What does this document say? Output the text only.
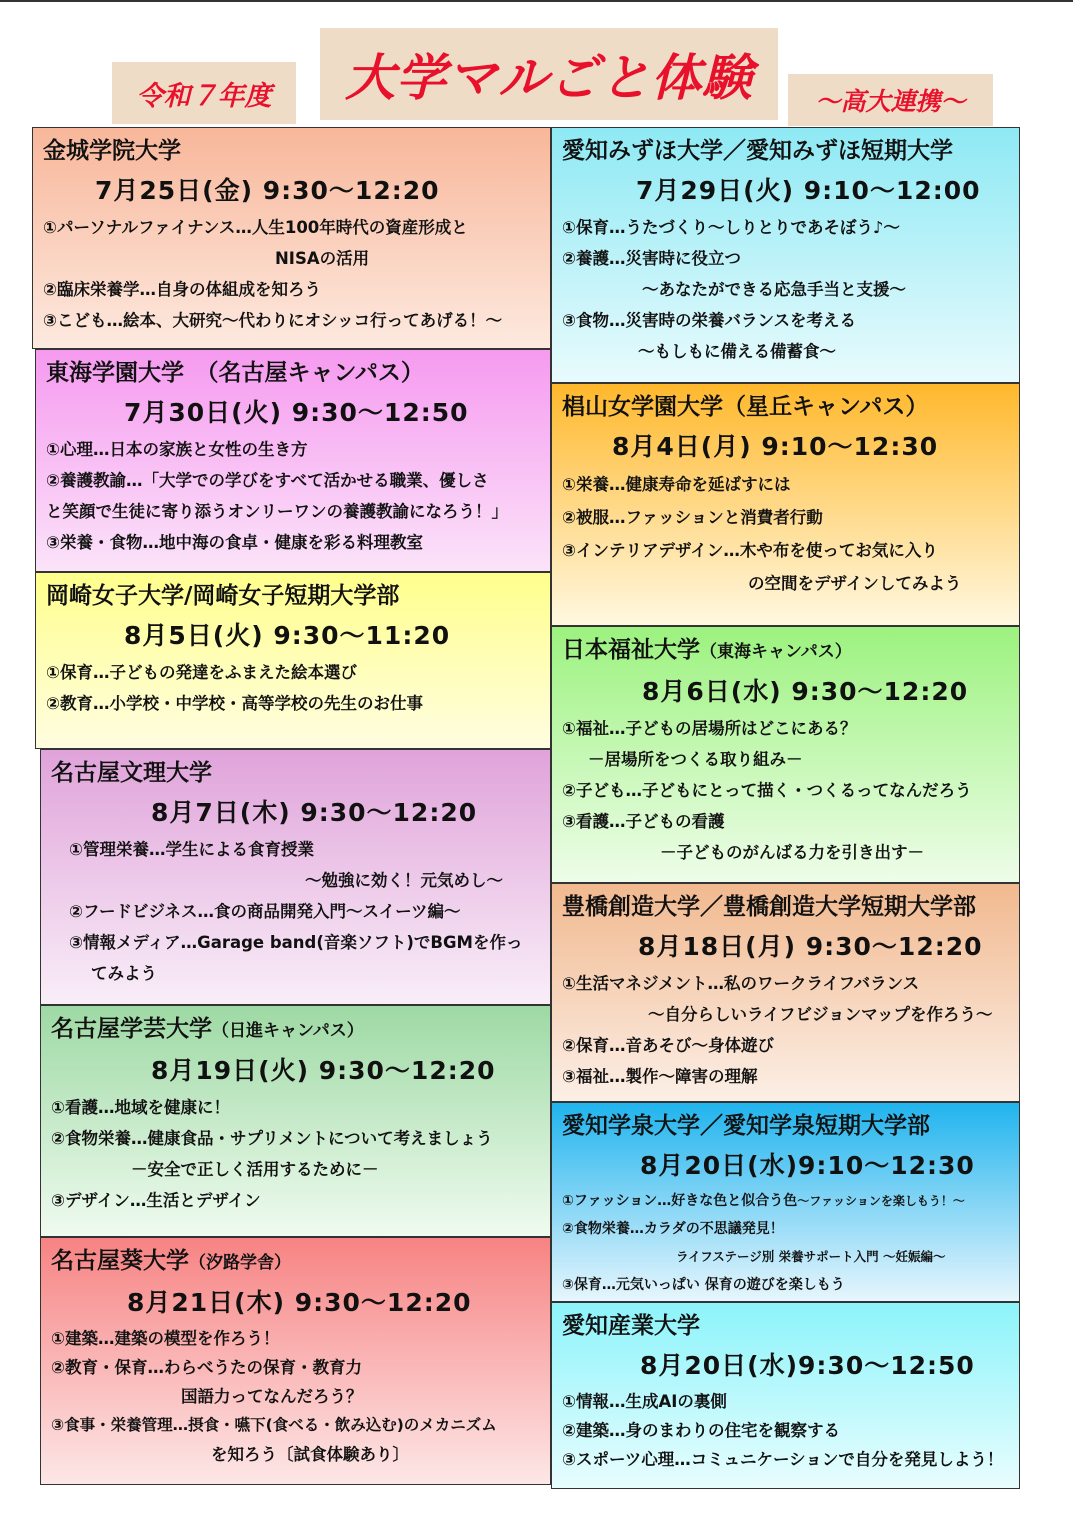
令和７年度	大学マルごと体験	～高大連携～
金城学院大学
7月25日(金) 9:30～12:20
①パーソナルファイナンス…人生100年時代の資産形成と
NISAの活用
②臨床栄養学…自身の体組成を知ろう
③こども…絵本、大研究～代わりにオシッコ行ってあげる！～
東海学園大学　（名古屋キャンパス）
7月30日(火) 9:30～12:50
①心理…日本の家族と女性の生き方
②養護教諭…「大学での学びをすべて活かせる職業、優しさ
と笑顔で生徒に寄り添うオンリーワンの養護教諭になろう！」
③栄養・食物…地中海の食卓・健康を彩る料理教室
岡崎女子大学/岡崎女子短期大学部
8月5日(火) 9:30～11:20
①保育…子どもの発達をふまえた絵本選び
②教育…小学校・中学校・高等学校の先生のお仕事
名古屋文理大学
8月7日(木) 9:30～12:20
①管理栄養…学生による食育授業
～勉強に効く！元気めし～
②フードビジネス…食の商品開発入門～スイーツ編～
③情報メディア…Garage band(音楽ソフト)でBGMを作っ
てみよう
名古屋学芸大学（日進キャンパス）
8月19日(火) 9:30～12:20
①看護…地域を健康に！
②食物栄養…健康食品・サプリメントについて考えましょう
－安全で正しく活用するために－
③デザイン…生活とデザイン
名古屋葵大学（汐路学舎）
8月21日(木) 9:30～12:20
①建築…建築の模型を作ろう！
②教育・保育…わらべうたの保育・教育力
国語力ってなんだろう？
③食事・栄養管理…摂食・嚥下(食べる・飲み込む)のメカニズム
を知ろう〔試食体験あり〕
愛知みずほ大学／愛知みずほ短期大学
7月29日(火) 9:10～12:00
①保育…うたづくり～しりとりであそぼう♪～
②養護…災害時に役立つ
～あなたができる応急手当と支援～
③食物…災害時の栄養バランスを考える
～もしもに備える備蓄食～
椙山女学園大学（星丘キャンパス）
8月4日(月) 9:10～12:30
①栄養…健康寿命を延ばすには
②被服…ファッションと消費者行動
③インテリアデザイン…木や布を使ってお気に入り
の空間をデザインしてみよう
日本福祉大学（東海キャンパス）
8月6日(水) 9:30～12:20
①福祉…子どもの居場所はどこにある？
－居場所をつくる取り組み－
②子ども…子どもにとって描く・つくるってなんだろう
③看護…子どもの看護
－子どものがんばる力を引き出す－
豊橋創造大学／豊橋創造大学短期大学部
8月18日(月) 9:30～12:20
①生活マネジメント…私のワークライフバランス
～自分らしいライフビジョンマップを作ろう～
②保育…音あそび～身体遊び
③福祉…製作～障害の理解
愛知学泉大学／愛知学泉短期大学部
8月20日(水)9:10～12:30
①ファッション…好きな色と似合う色～ファッションを楽しもう！～
②食物栄養…カラダの不思議発見！
ライフステージ別 栄養サポート入門 ～妊娠編～
③保育…元気いっぱい 保育の遊びを楽しもう
愛知産業大学
8月20日(水)9:30～12:50
①情報…生成AIの裏側
②建築…身のまわりの住宅を観察する
③スポーツ心理…コミュニケーションで自分を発見しよう！
